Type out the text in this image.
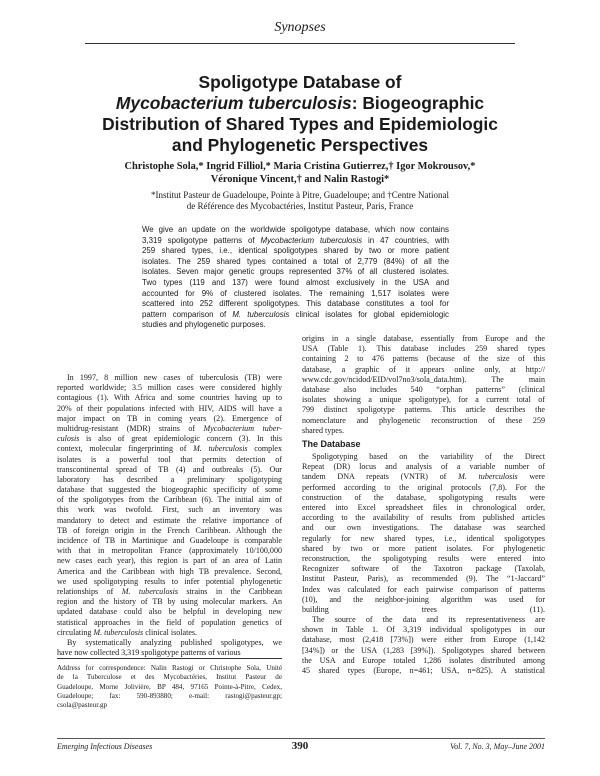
Synopses
Spoligotype Database of
Mycobacterium tuberculosis: Biogeographic
Distribution of Shared Types and Epidemiologic
and Phylogenetic Perspectives
Christophe Sola,* Ingrid Filliol,* Maria Cristina Gutierrez,† Igor Mokrousov,*
Véronique Vincent,† and Nalin Rastogi*
*Institut Pasteur de Guadeloupe, Pointe à Pitre, Guadeloupe; and †Centre National
de Référence des Mycobactéries, Institut Pasteur, Paris, France
We give an update on the worldwide spoligotype database, which now contains
3,319 spoligotype patterns of Mycobacterium tuberculosis in 47 countries, with
259 shared types, i.e., identical spoligotypes shared by two or more patient
isolates. The 259 shared types contained a total of 2,779 (84%) of all the
isolates. Seven major genetic groups represented 37% of all clustered isolates.
Two types (119 and 137) were found almost exclusively in the USA and
accounted for 9% of clustered isolates. The remaining 1,517 isolates were
scattered into 252 different spoligotypes. This database constitutes a tool for
pattern comparison of M. tuberculosis clinical isolates for global epidemiologic
studies and phylogenetic purposes.
In 1997, 8 million new cases of tuberculosis (TB) were
reported worldwide; 3.5 million cases were considered highly
contagious (1). With Africa and some countries having up to
20% of their populations infected with HIV, AIDS will have a
major impact on TB in coming years (2). Emergence of
multidrug-resistant (MDR) strains of Mycobacterium tuber-
culosis is also of great epidemiologic concern (3). In this
context, molecular fingerprinting of M. tuberculosis complex
isolates is a powerful tool that permits detection of
transcontinental spread of TB (4) and outbreaks (5). Our
laboratory has described a preliminary spoligotyping
database that suggested the biogeographic specificity of some
of the spoligotypes from the Caribbean (6). The initial aim of
this work was twofold. First, such an inventory was
mandatory to detect and estimate the relative importance of
TB of foreign origin in the French Caribbean. Although the
incidence of TB in Martinique and Guadeloupe is comparable
with that in metropolitan France (approximately 10/100,000
new cases each year), this region is part of an area of Latin
America and the Caribbean with high TB prevalence. Second,
we used spoligotyping results to infer potential phylogenetic
relationships of M. tuberculosis strains in the Caribbean
region and the history of TB by using molecular markers. An
updated database could also be helpful in developing new
statistical approaches in the field of population genetics of
circulating M. tuberculosis clinical isolates.
By systematically analyzing published spoligotypes, we
have now collected 3,319 spoligotype patterns of various
origins in a single database, essentially from Europe and the
USA (Table 1). This database includes 259 shared types
containing 2 to 476 patterns (because of the size of this
database, a graphic of it appears online only, at http://
www.cdc.gov/ncidod/EID/vol7no3/sola_data.htm). The main
database also includes 540 “orphan patterns” (clinical
isolates showing a unique spoligotype), for a current total of
799 distinct spoligotype patterns. This article describes the
nomenclature and phylogenetic reconstruction of these 259
shared types.
The Database
Spoligotyping based on the variability of the Direct
Repeat (DR) locus and analysis of a variable number of
tandem DNA repeats (VNTR) of M. tuberculosis were
performed according to the original protocols (7,8). For the
construction of the database, spoligotyping results were
entered into Excel spreadsheet files in chronological order,
according to the availability of results from published articles
and our own investigations. The database was searched
regularly for new shared types, i.e., identical spoligotypes
shared by two or more patient isolates. For phylogenetic
reconstruction, the spoligotyping results were entered into
Recognizer software of the Taxotron package (Taxolab,
Institut Pasteur, Paris), as recommended (9). The “1-Jaccard”
Index was calculated for each pairwise comparison of patterns
(10), and the neighbor-joining algorithm was used for
building trees (11).
The source of the data and its representativeness are
shown in Table 1. Of 3,319 individual spoligotypes in our
database, most (2,418 [73%]) were either from Europe (1,142
[34%]) or the USA (1,283 [39%]). Spoligotypes shared between
the USA and Europe totaled 1,286 isolates distributed among
45 shared types (Europe, n=461; USA, n=825). A statistical
Address for correspondence: Nalin Rastogi or Christophe Sola, Unité
de la Tuberculose et des Mycobactéries, Institut Pasteur de
Guadeloupe, Morne Jolivière, BP 484, 97165 Pointe-à-Pitre, Cedex,
Guadeloupe; fax: 590-893880; e-mail: rastogi@pasteur.gp;
csola@pasteur.gp
Emerging Infectious Diseases	390	Vol. 7, No. 3, May–June 2001
